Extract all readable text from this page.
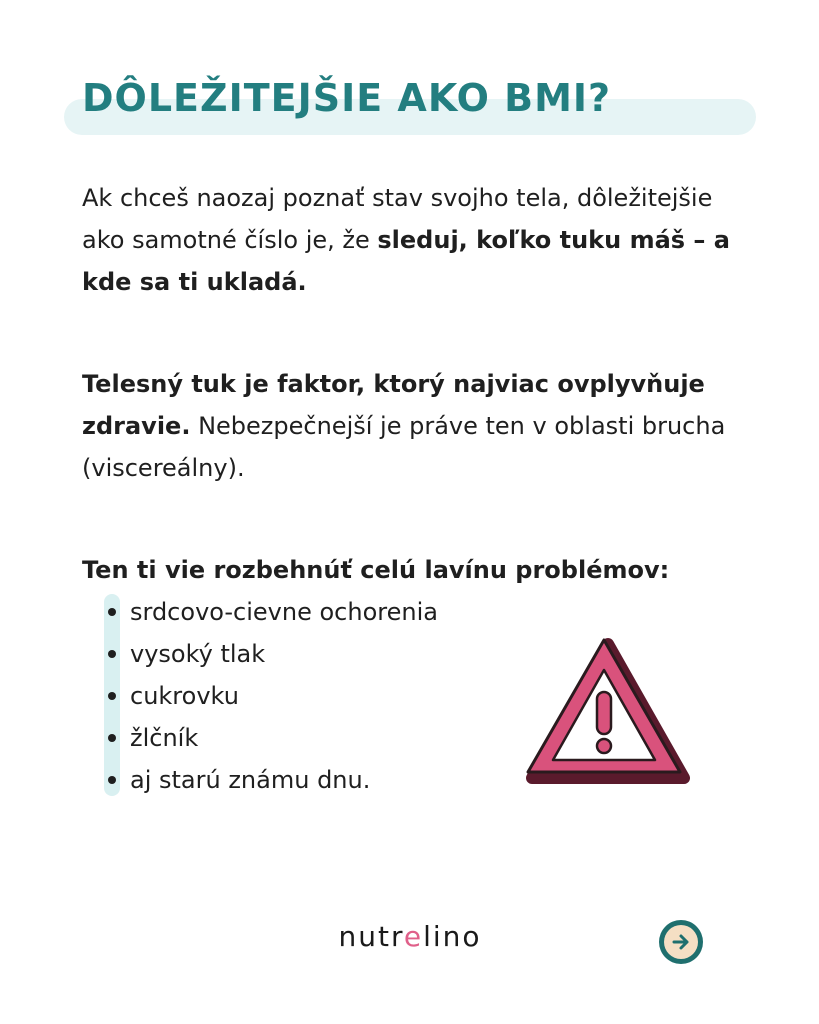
DÔLEŽITEJŠIE AKO BMI?

Ak chceš naozaj poznať stav svojho tela, dôležitejšie ako samotné číslo je, že sleduj, koľko tuku máš – a kde sa ti ukladá.

Telesný tuk je faktor, ktorý najviac ovplyvňuje zdravie. Nebezpečnejší je práve ten v oblasti brucha (viscereálny).

Ten ti vie rozbehnúť celú lavínu problémov:

srdcovo-cievne ochorenia
vysoký tlak
cukrovku
žlčník
aj starú známu dnu.

nutrelino
